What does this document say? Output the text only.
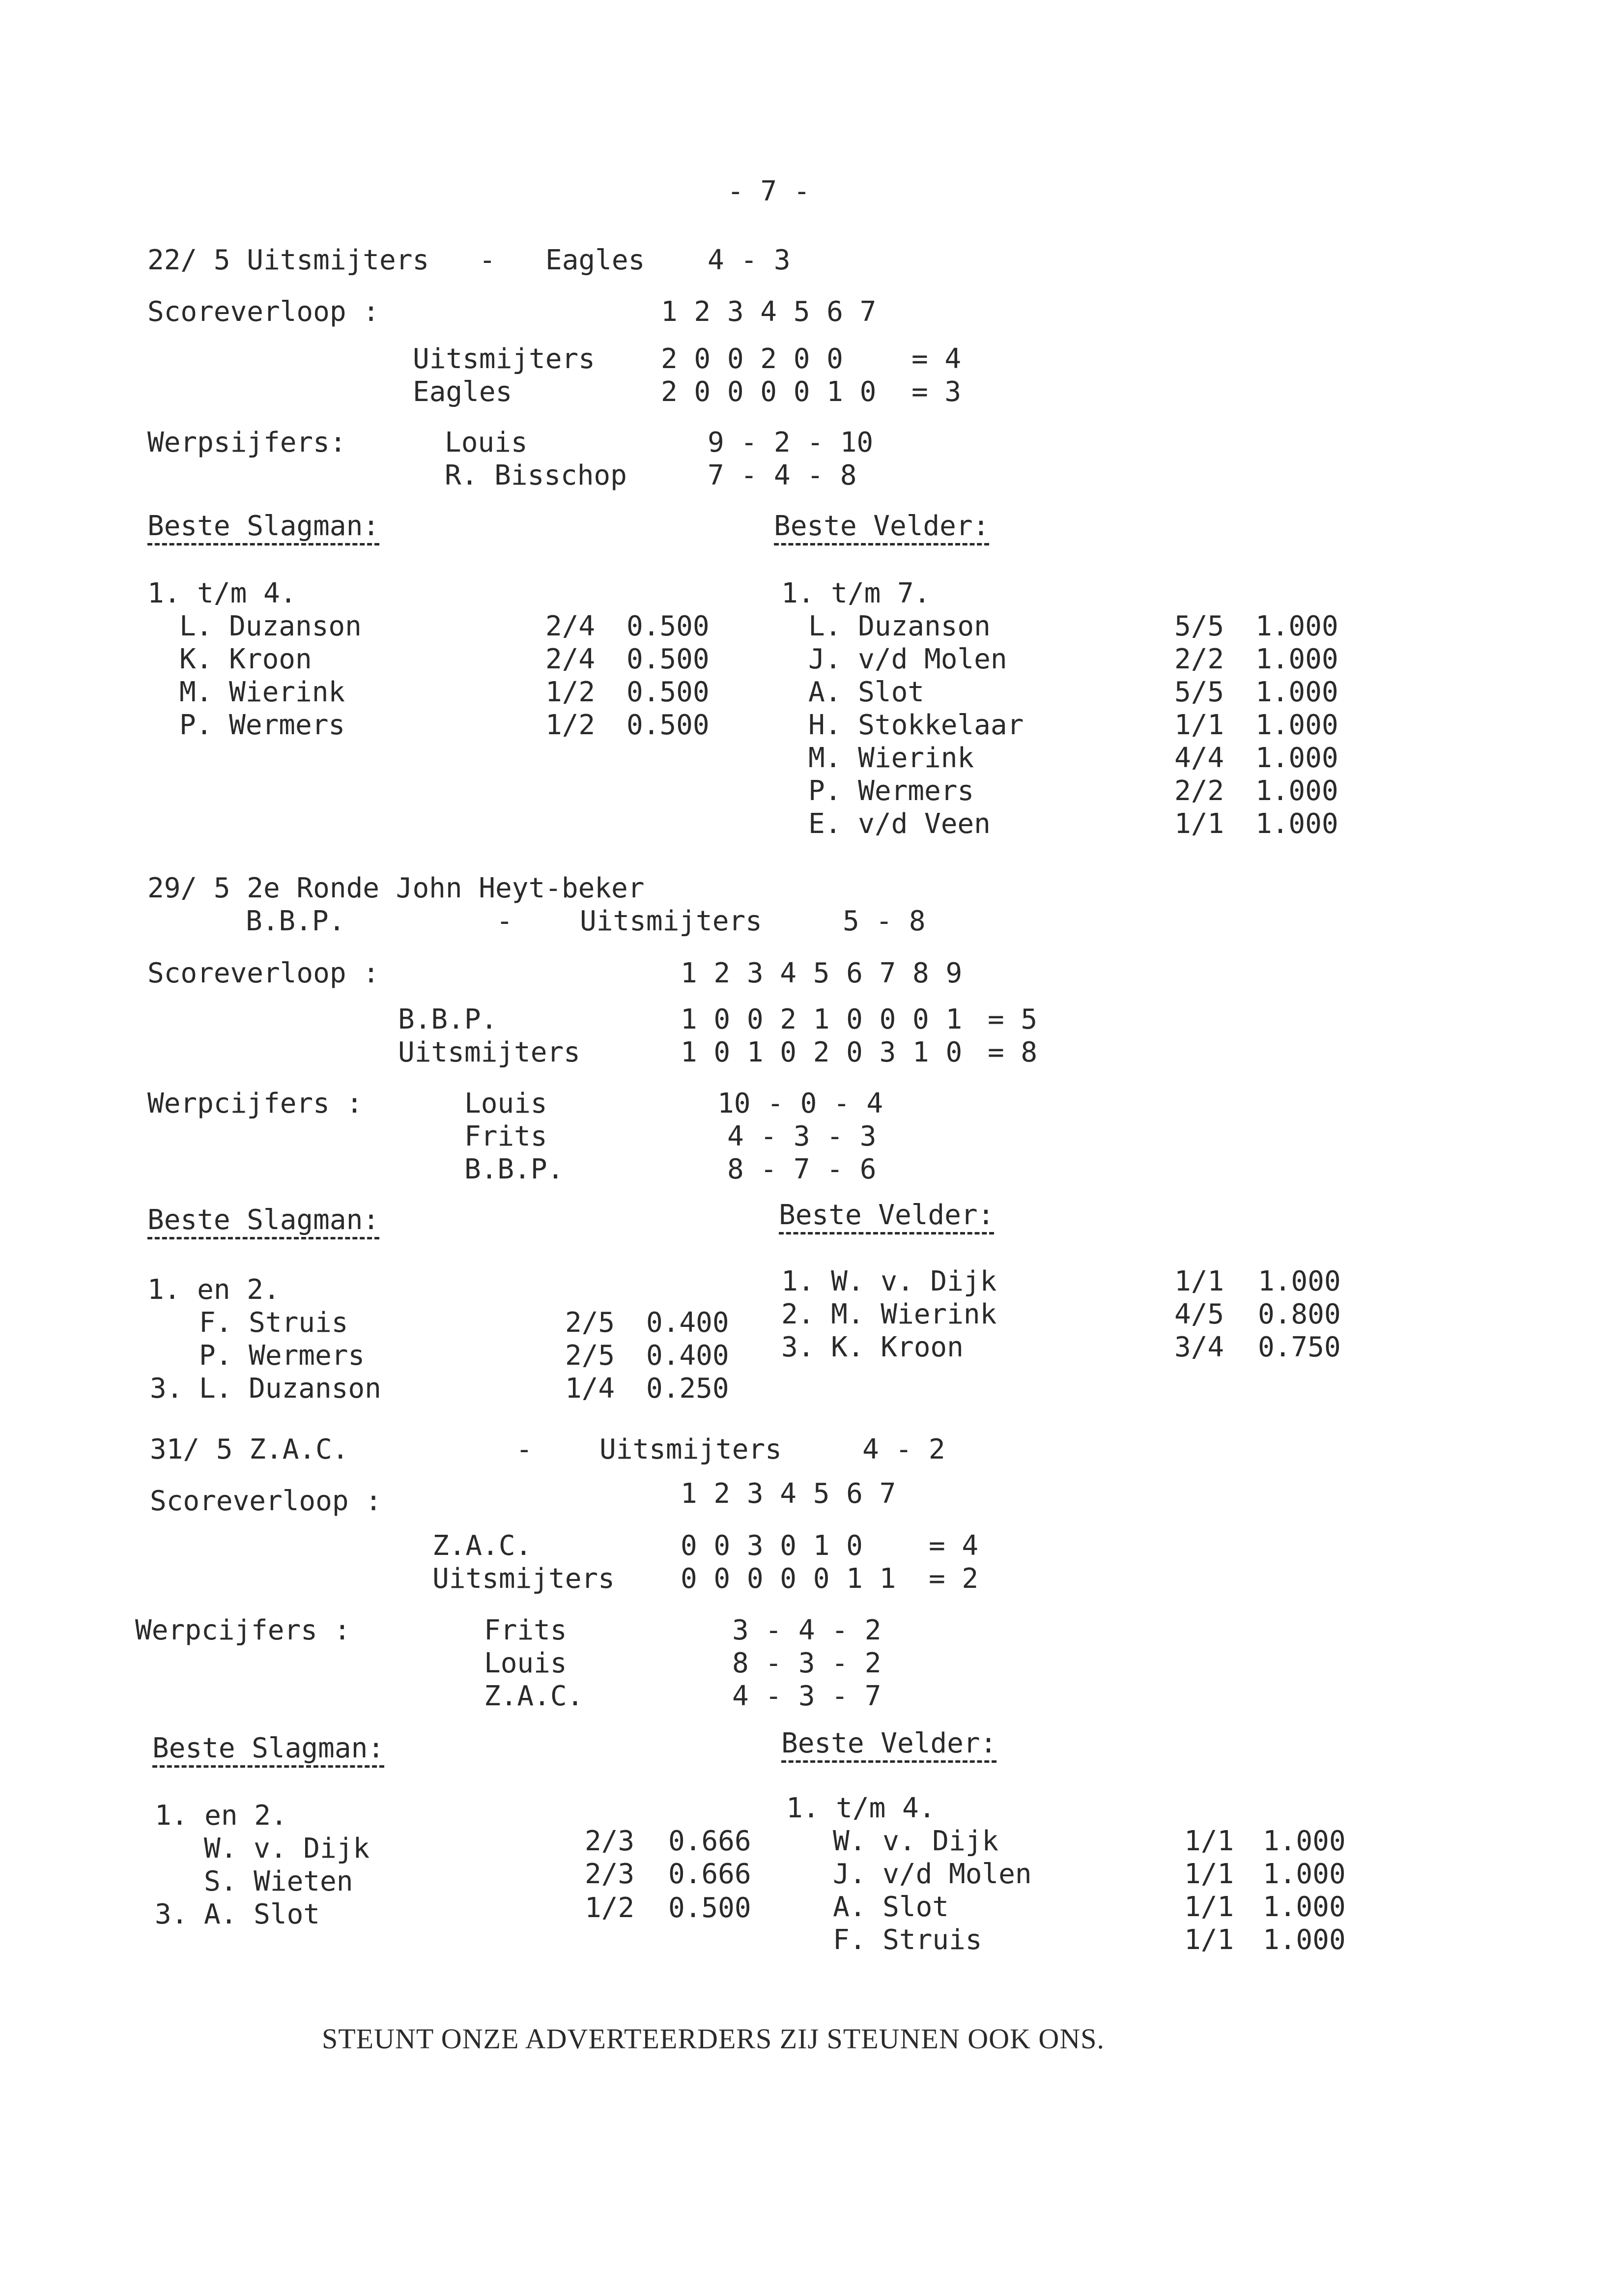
- 7 -
22/ 5 Uitsmijters - Eagles 4 - 3
Scoreverloop :	1 2 3 4 5 6 7
Uitsmijters 2 0 0 2 0 0 = 4
Eagles	2 0 0 0 0 1 0 = 3
Werpsijfers:	Louis	9 - 2 - 10
R. Bisschop	7 - 4 - 8
Beste Slagman:	Beste Velder:
1. t/m 4.	1. t/m 7.
L. Duzanson	2/4 0.500
K. Kroon	2/4 0.500
M. Wierink	1/2 0.500
P. Wermers	1/2 0.500
L. Duzanson	5/5 1.000
J. v/d Molen	2/2 1.000
A. Slot	5/5 1.000
H. Stokkelaar	1/1 1.000
M. Wierink	4/4 1.000
P. Wermers	2/2 1.000
E. v/d Veen	1/1 1.000
29/ 5 2e Ronde John Heyt-beker
B.B.P.	- Uitsmijters	5 - 8
Scoreverloop :	1 2 3 4 5 6 7 8 9
B.B.P.	1 0 0 2 1 0 0 0 1 = 5
Uitsmijters	1 0 1 0 2 0 3 1 0 = 8
Werpcijfers :	Louis	10 - 0 - 4
Frits	4 - 3 - 3
B.B.P.	8 - 7 - 6
Beste Slagman:	Beste Velder:
1. en 2.
F. Struis	2/5 0.400
P. Wermers	2/5 0.400
3. L. Duzanson	1/4 0.250
1. W. v. Dijk	1/1 1.000
2. M. Wierink	4/5 0.800
3. K. Kroon	3/4 0.750
31/ 5 Z.A.C.	- Uitsmijters	4 - 2
Scoreverloop :	1 2 3 4 5 6 7
Z.A.C.	0 0 3 0 1 0 = 4
Uitsmijters 0 0 0 0 0 1 1 = 2
Werpcijfers :	Frits	3 - 4 - 2
Louis	8 - 3 - 2
Z.A.C.	4 - 3 - 7
Beste Slagman:	Beste Velder:
1. en 2.	1. t/m 4.
W. v. Dijk	2/3 0.666
S. Wieten	2/3 0.666
3. A. Slot	1/2 0.500
W. v. Dijk	1/1 1.000
J. v/d Molen	1/1 1.000
A. Slot	1/1 1.000
F. Struis	1/1 1.000
STEUNT ONZE ADVERTEERDERS ZIJ STEUNEN OOK ONS.
